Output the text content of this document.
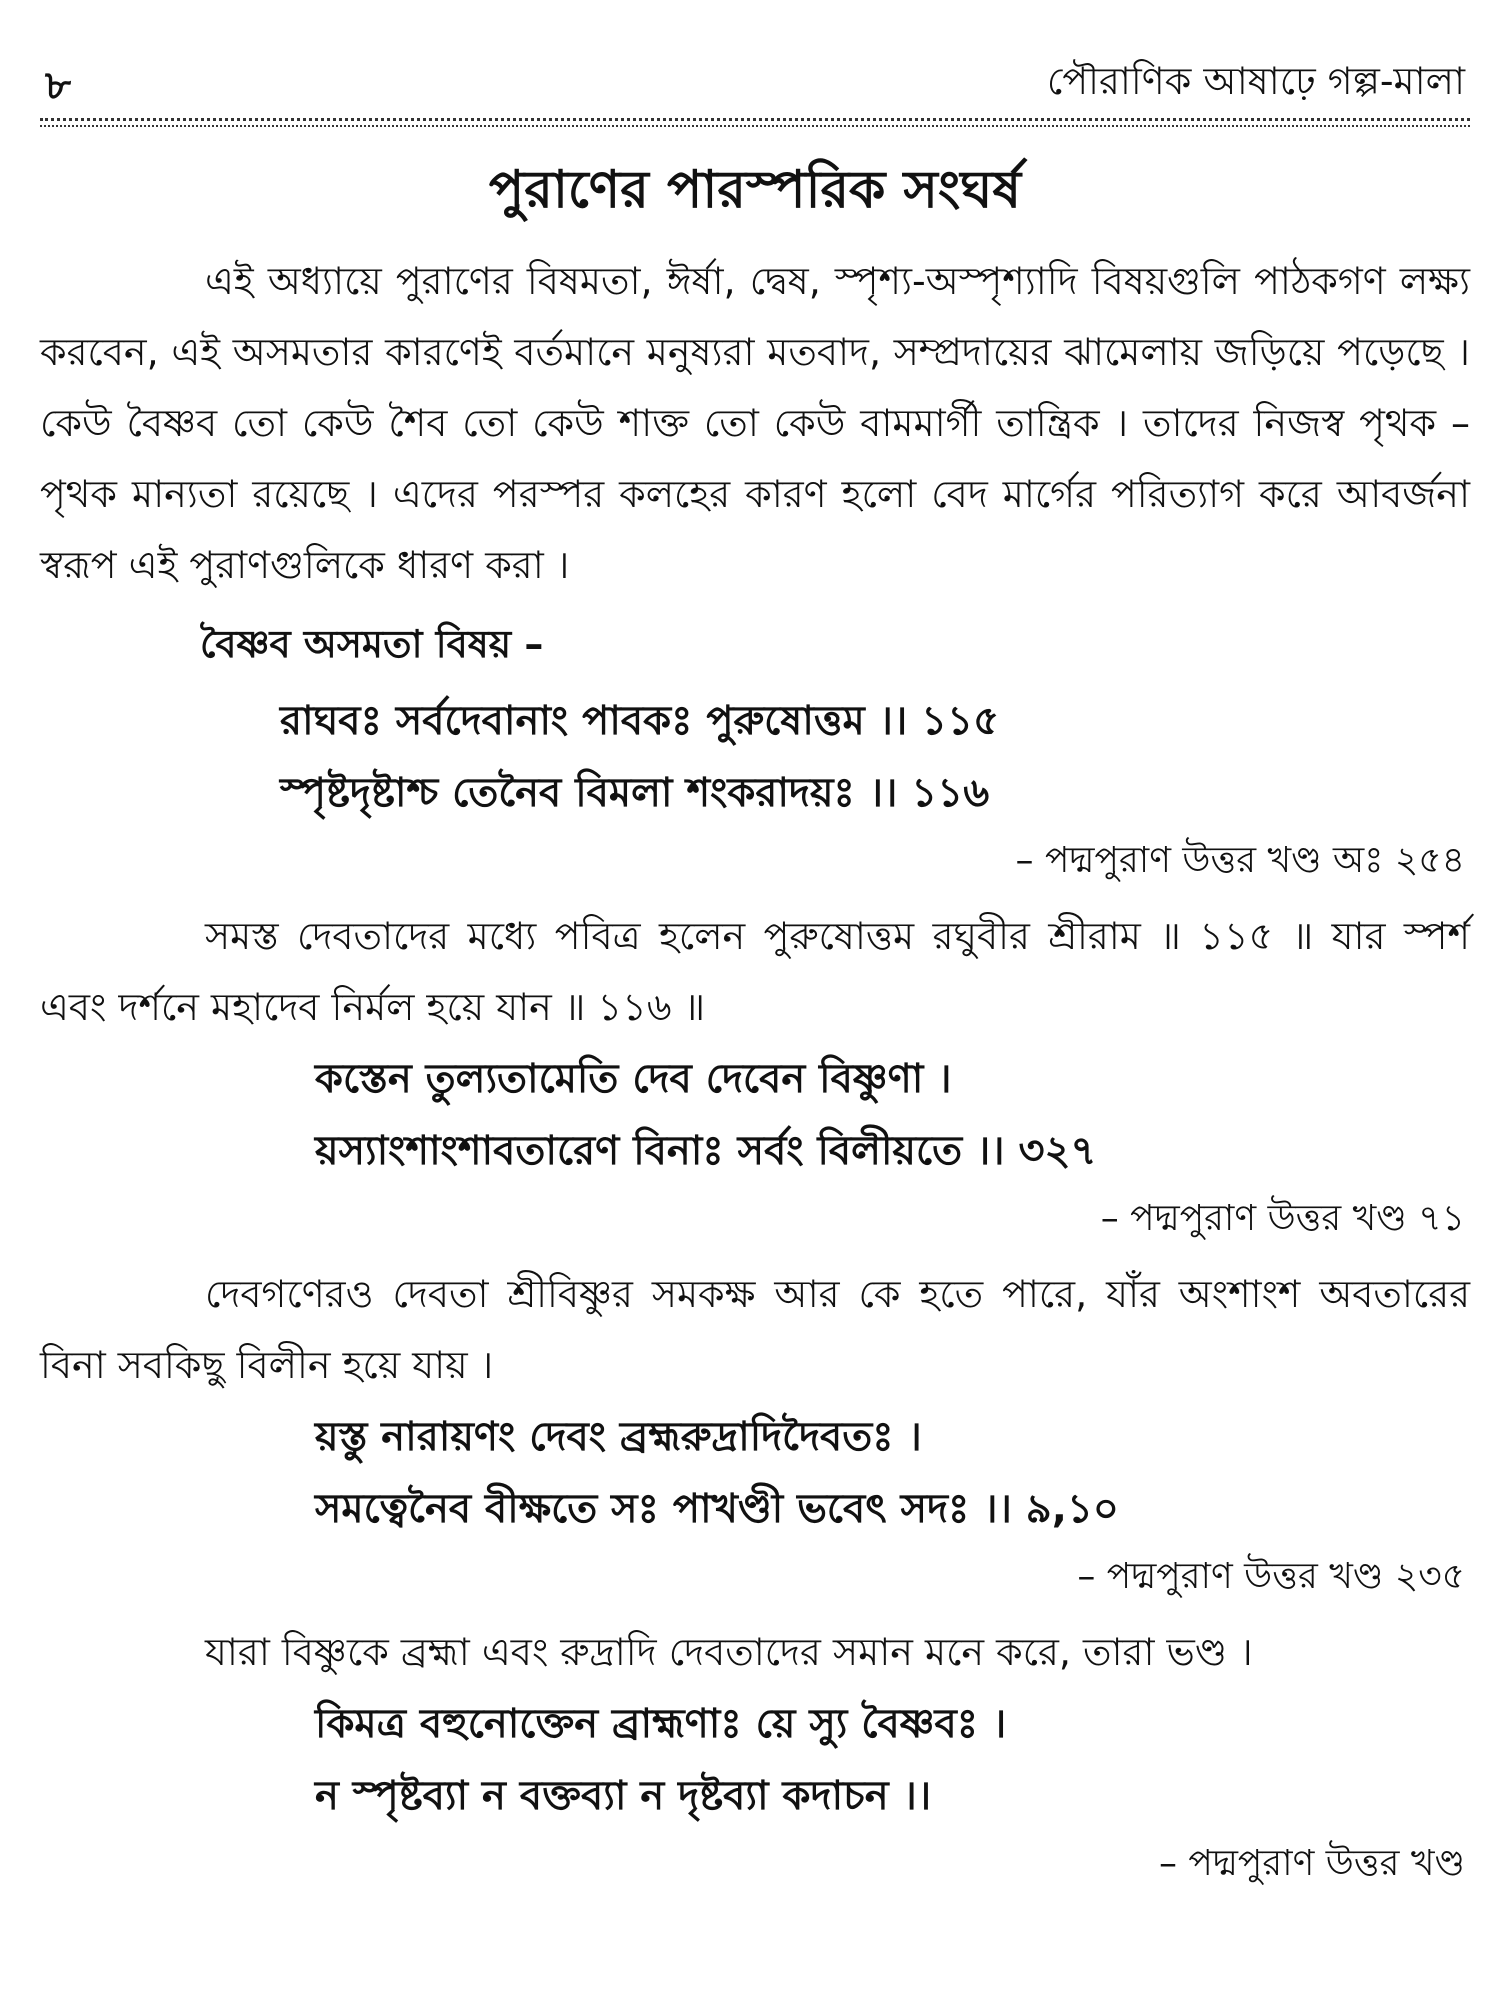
৮	পৌরাণিক আষাঢ়ে গল্প-মালা
পুরাণের পারস্পরিক সংঘর্ষ

এই অধ্যায়ে পুরাণের বিষমতা, ঈর্ষা, দ্বেষ, স্পৃশ্য-অস্পৃশ্যাদি বিষয়গুলি পাঠকগণ লক্ষ্য করবেন, এই অসমতার কারণেই বর্তমানে মনুষ্যরা মতবাদ, সম্প্রদায়ের ঝামেলায় জড়িয়ে পড়েছে । কেউ বৈষ্ণব তো কেউ শৈব তো কেউ শাক্ত তো কেউ বামমার্গী তান্ত্রিক । তাদের নিজস্ব পৃথক – পৃথক মান্যতা রয়েছে । এদের পরস্পর কলহের কারণ হলো বেদ মার্গের পরিত্যাগ করে আবর্জনা স্বরূপ এই পুরাণগুলিকে ধারণ করা ।

বৈষ্ণব অসমতা বিষয় –

রাঘবঃ সর্বদেবানাং পাবকঃ পুরুষোত্তম ।। ১১৫

স্পৃষ্টদৃষ্টাশ্চ তেনৈব বিমলা শংকরাদয়ঃ ।। ১১৬

– পদ্মপুরাণ উত্তর খণ্ড অঃ ২৫৪

সমস্ত দেবতাদের মধ্যে পবিত্র হলেন পুরুষোত্তম রঘুবীর শ্রীরাম ॥ ১১৫ ॥ যার স্পর্শ এবং দর্শনে মহাদেব নির্মল হয়ে যান ॥ ১১৬ ॥

কস্তেন তুল্যতামেতি দেব দেবেন বিষ্ণুণা ।

য়স্যাংশাংশাবতারেণ বিনাঃ সর্বং বিলীয়তে ।। ৩২৭

– পদ্মপুরাণ উত্তর খণ্ড ৭১

দেবগণেরও দেবতা শ্রীবিষ্ণুর সমকক্ষ আর কে হতে পারে, যাঁর অংশাংশ অবতারের বিনা সবকিছু বিলীন হয়ে যায় ।

য়স্তু নারায়ণং দেবং ব্রহ্মরুদ্রাদিদৈবতঃ ।

সমত্বেনৈব বীক্ষতে সঃ পাখণ্ডী ভবেৎ সদঃ ।। ৯,১০

– পদ্মপুরাণ উত্তর খণ্ড ২৩৫

যারা বিষ্ণুকে ব্রহ্মা এবং রুদ্রাদি দেবতাদের সমান মনে করে, তারা ভণ্ড ।

কিমত্র বহুনোক্তেন ব্রাহ্মণাঃ য়ে স্যু বৈষ্ণবঃ ।

ন স্পৃষ্টব্যা ন বক্তব্যা ন দৃষ্টব্যা কদাচন ।।

– পদ্মপুরাণ উত্তর খণ্ড
